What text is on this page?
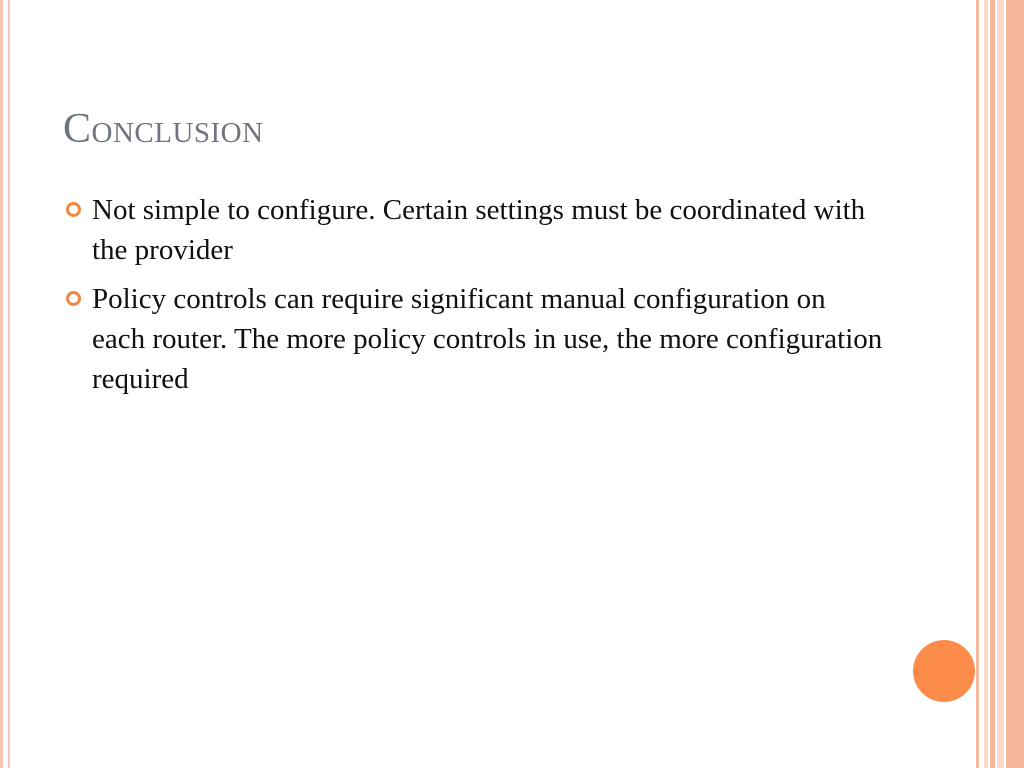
Conclusion
Not simple to configure. Certain settings must be coordinated with the provider
Policy controls can require significant manual configuration on each router. The more policy controls in use, the more configuration required
